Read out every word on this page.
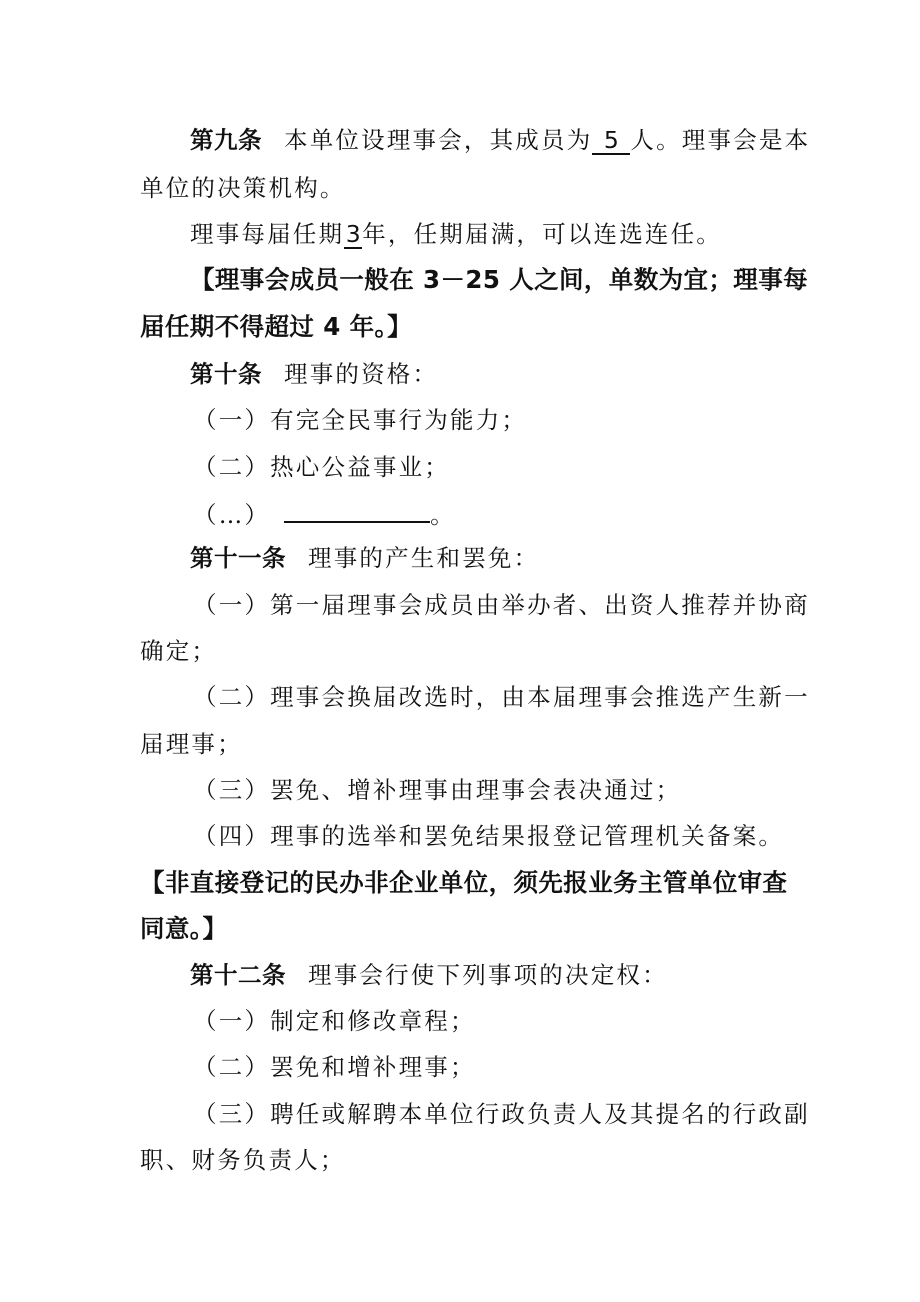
第九条 本单位设理事会，其成员为 5 人。理事会是本
单位的决策机构。
理事每届任期3年，任期届满，可以连选连任。
【理事会成员一般在 3－25 人之间，单数为宜；理事每
届任期不得超过 4 年。】
第十条 理事的资格：
（一）有完全民事行为能力；
（二）热心公益事业；
（…）	。
第十一条 理事的产生和罢免：
（一）第一届理事会成员由举办者、出资人推荐并协商
确定；
（二）理事会换届改选时，由本届理事会推选产生新一
届理事；
（三）罢免、增补理事由理事会表决通过；
（四）理事的选举和罢免结果报登记管理机关备案。
【非直接登记的民办非企业单位，须先报业务主管单位审查
同意。】
第十二条 理事会行使下列事项的决定权：
（一）制定和修改章程；
（二）罢免和增补理事；
（三）聘任或解聘本单位行政负责人及其提名的行政副
职、财务负责人；
